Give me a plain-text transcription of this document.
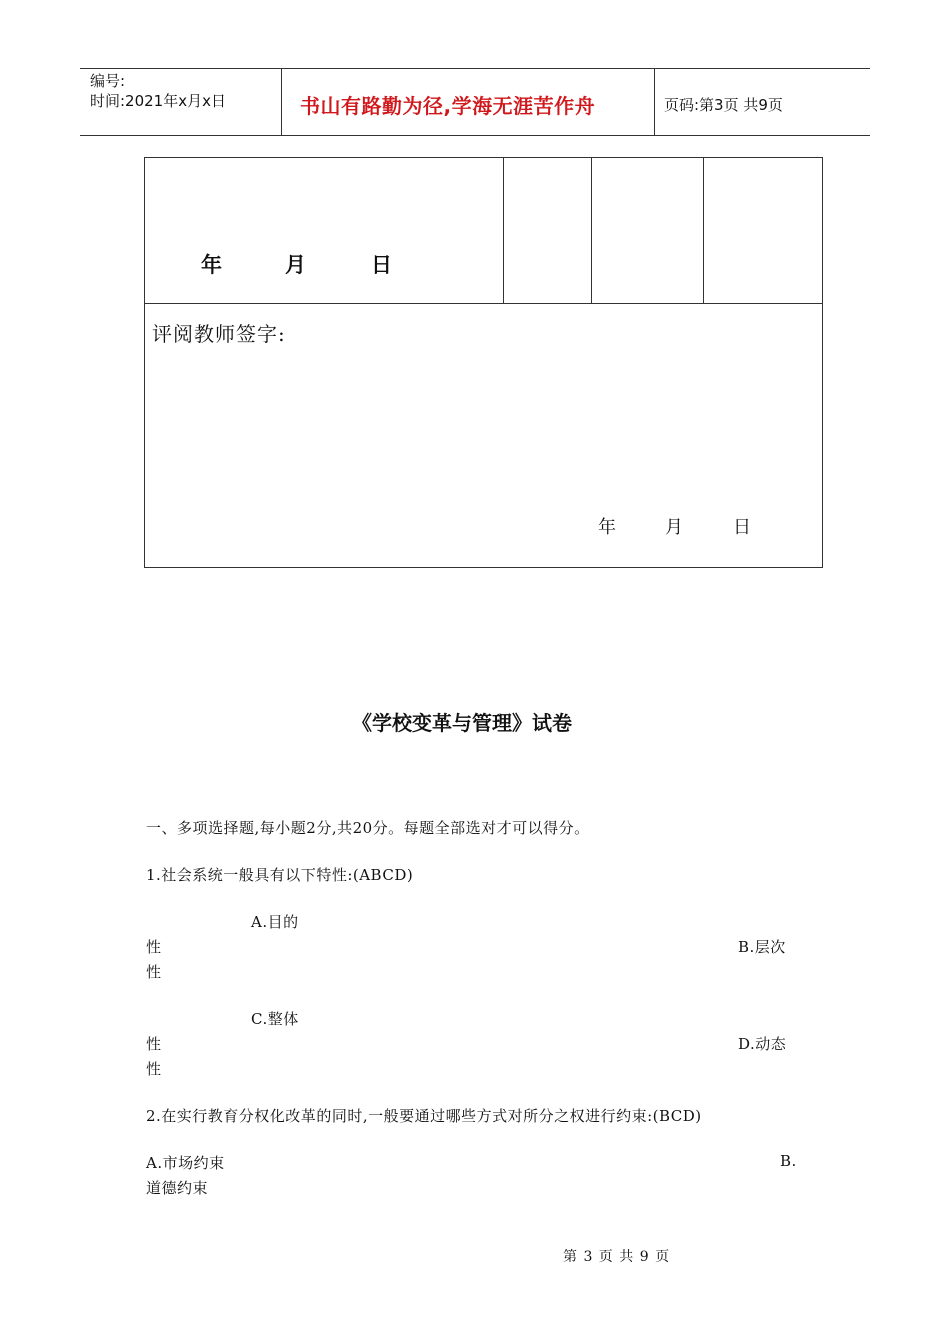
编号:
时间:2021年x月x日	书山有路勤为径,学海无涯苦作舟	页码:第3页 共9页
年	月	日
评阅教师签字:
年	月	日
《学校变革与管理》试卷
一、多项选择题,每小题2分,共20分。每题全部选对才可以得分。
1.社会系统一般具有以下特性:(ABCD)
A.目的
性	B.层次
性
C.整体
性	D.动态
性
2.在实行教育分权化改革的同时,一般要通过哪些方式对所分之权进行约束:(BCD)
A.市场约束	B.
道德约束
第 3 页 共 9 页
